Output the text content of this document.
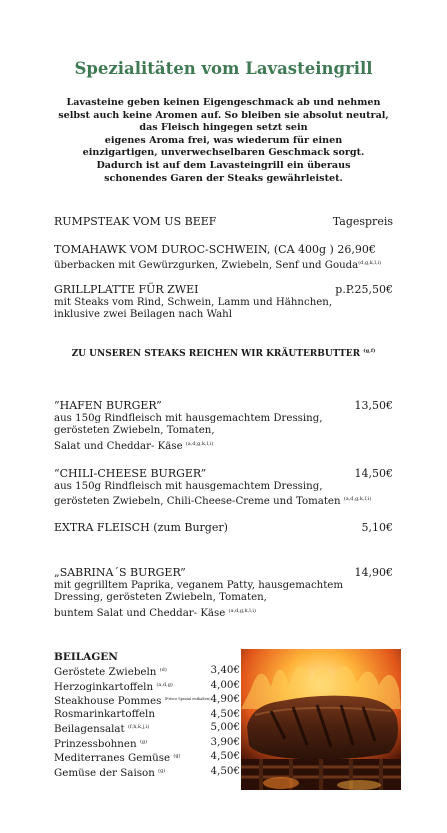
Spezialitäten vom Lavasteingrill
Lavasteine geben keinen Eigengeschmack ab und nehmen
selbst auch keine Aromen auf. So bleiben sie absolut neutral,
das Fleisch hingegen setzt sein
eigenes Aroma frei, was wiederum für einen
einzigartigen, unverwechselbaren Geschmack sorgt.
Dadurch ist auf dem Lavasteingrill ein überaus
schonendes Garen der Steaks gewährleistet.
RUMPSTEAK VOM US BEEF	Tagespreis
TOMAHAWK VOM DUROC-SCHWEIN, (CA 400g ) 26,90€
überbacken mit Gewürzgurken, Zwiebeln, Senf und Gouda$^{(d,g,k,l,i)}$
GRILLPLATTE FÜR ZWEI	p.P.25,50€
mit Steaks vom Rind, Schwein, Lamm und Hähnchen,
inklusive zwei Beilagen nach Wahl
ZU UNSEREN STEAKS REICHEN WIR KRÄUTERBUTTER $^{(g,f)}$
“HAFEN BURGER”	13,50€
aus 150g Rindfleisch mit hausgemachtem Dressing,
gerösteten Zwiebeln, Tomaten,
Salat und Cheddar- Käse $^{(a,d,g,k,l,i)}$
“CHILI-CHEESE BURGER”	14,50€
aus 150g Rindfleisch mit hausgemachtem Dressing,
gerösteten Zwiebeln, Chili-Cheese-Creme und Tomaten $^{(a,d,g,k,l,i)}$
EXTRA FLEISCH (zum Burger)	5,10€
„SABRINA´S BURGER”	14,90€
mit gegrilltem Paprika, veganem Patty, hausgemachtem
Dressing, gerösteten Zwiebeln, Tomaten,
buntem Salat und Cheddar- Käse $^{(a,d,g,k,l,i)}$
BEILAGEN
Geröstete Zwiebeln $^{(d)}$	3,40€
Herzoginkartoffeln $^{(a,d,g)}$	4,00€
Steakhouse Pommes $^{(Frisco Spezial enthalten)}$ 4,90€
Rosmarinkartoffeln	4,50€
Beilagensalat $^{(f,h,k,j,i)}$	5,00€
Prinzessbohnen $^{(g)}$	3,90€
Mediterranes Gemüse $^{(g)}$	4,50€
Gemüse der Saison $^{(g)}$	4,50€
